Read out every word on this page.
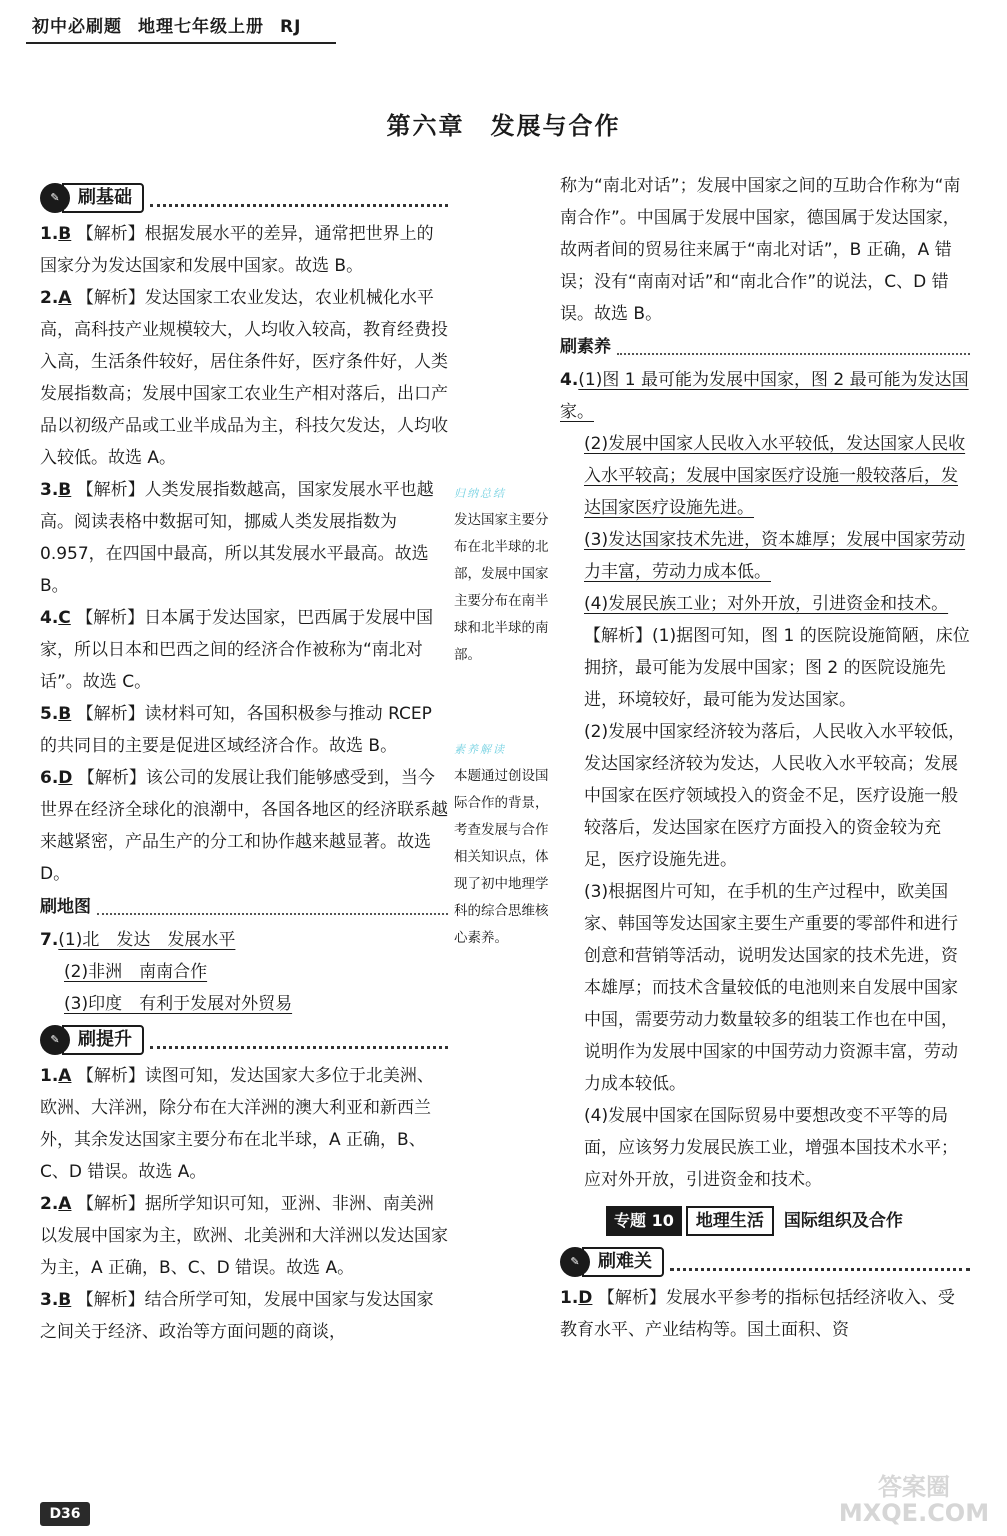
初中必刷题 地理七年级上册 RJ
第六章　发展与合作
✎	刷基础

1.B 【解析】根据发展水平的差异，通常把世界上的国家分为发达国家和发展中国家。故选 B。

2.A 【解析】发达国家工农业发达，农业机械化水平高，高科技产业规模较大，人均收入较高，教育经费投入高，生活条件较好，居住条件好，医疗条件好，人类发展指数高；发展中国家工农业生产相对落后，出口产品以初级产品或工业半成品为主，科技欠发达，人均收入较低。故选 A。

3.B 【解析】人类发展指数越高，国家发展水平也越高。阅读表格中数据可知，挪威人类发展指数为 0.957，在四国中最高，所以其发展水平最高。故选 B。

4.C 【解析】日本属于发达国家，巴西属于发展中国家，所以日本和巴西之间的经济合作被称为“南北对话”。故选 C。

5.B 【解析】读材料可知，各国积极参与推动 RCEP 的共同目的主要是促进区域经济合作。故选 B。

6.D 【解析】该公司的发展让我们能够感受到，当今世界在经济全球化的浪潮中，各国各地区的经济联系越来越紧密，产品生产的分工和协作越来越显著。故选 D。

刷地图

7.(1)北　发达　发展水平

(2)非洲　南南合作

(3)印度　有利于发展对外贸易

✎	刷提升

1.A 【解析】读图可知，发达国家大多位于北美洲、欧洲、大洋洲，除分布在大洋洲的澳大利亚和新西兰外，其余发达国家主要分布在北半球，A 正确，B、C、D 错误。故选 A。

2.A 【解析】据所学知识可知，亚洲、非洲、南美洲以发展中国家为主，欧洲、北美洲和大洋洲以发达国家为主，A 正确，B、C、D 错误。故选 A。

3.B 【解析】结合所学可知，发展中国家与发达国家之间关于经济、政治等方面问题的商谈，

归纳总结
发达国家主要分布在北半球的北部，发展中国家主要分布在南半球和北半球的南部。
素养解读
本题通过创设国际合作的背景，考查发展与合作相关知识点，体现了初中地理学科的综合思维核心素养。

称为“南北对话”；发展中国家之间的互助合作称为“南南合作”。中国属于发展中国家，德国属于发达国家，故两者间的贸易往来属于“南北对话”，B 正确，A 错误；没有“南南对话”和“南北合作”的说法，C、D 错误。故选 B。

刷素养

4.(1)图 1 最可能为发展中国家，图 2 最可能为发达国家。

(2)发展中国家人民收入水平较低，发达国家人民收入水平较高；发展中国家医疗设施一般较落后，发达国家医疗设施先进。

(3)发达国家技术先进，资本雄厚；发展中国家劳动力丰富，劳动力成本低。

(4)发展民族工业；对外开放，引进资金和技术。

【解析】(1)据图可知，图 1 的医院设施简陋，床位拥挤，最可能为发展中国家；图 2 的医院设施先进，环境较好，最可能为发达国家。

(2)发展中国家经济较为落后，人民收入水平较低，发达国家经济较为发达，人民收入水平较高；发展中国家在医疗领域投入的资金不足，医疗设施一般较落后，发达国家在医疗方面投入的资金较为充足，医疗设施先进。

(3)根据图片可知，在手机的生产过程中，欧美国家、韩国等发达国家主要生产重要的零部件和进行创意和营销等活动，说明发达国家的技术先进，资本雄厚；而技术含量较低的电池则来自发展中国家中国，需要劳动力数量较多的组装工作也在中国，说明作为发展中国家的中国劳动力资源丰富，劳动力成本较低。

(4)发展中国家在国际贸易中要想改变不平等的局面，应该努力发展民族工业，增强本国技术水平；应对外开放，引进资金和技术。

专题 10	地理生活	国际组织及合作
✎	刷难关

1.D 【解析】发展水平参考的指标包括经济收入、受教育水平、产业结构等。国土面积、资

D36
答案圈 MXQE.COM
